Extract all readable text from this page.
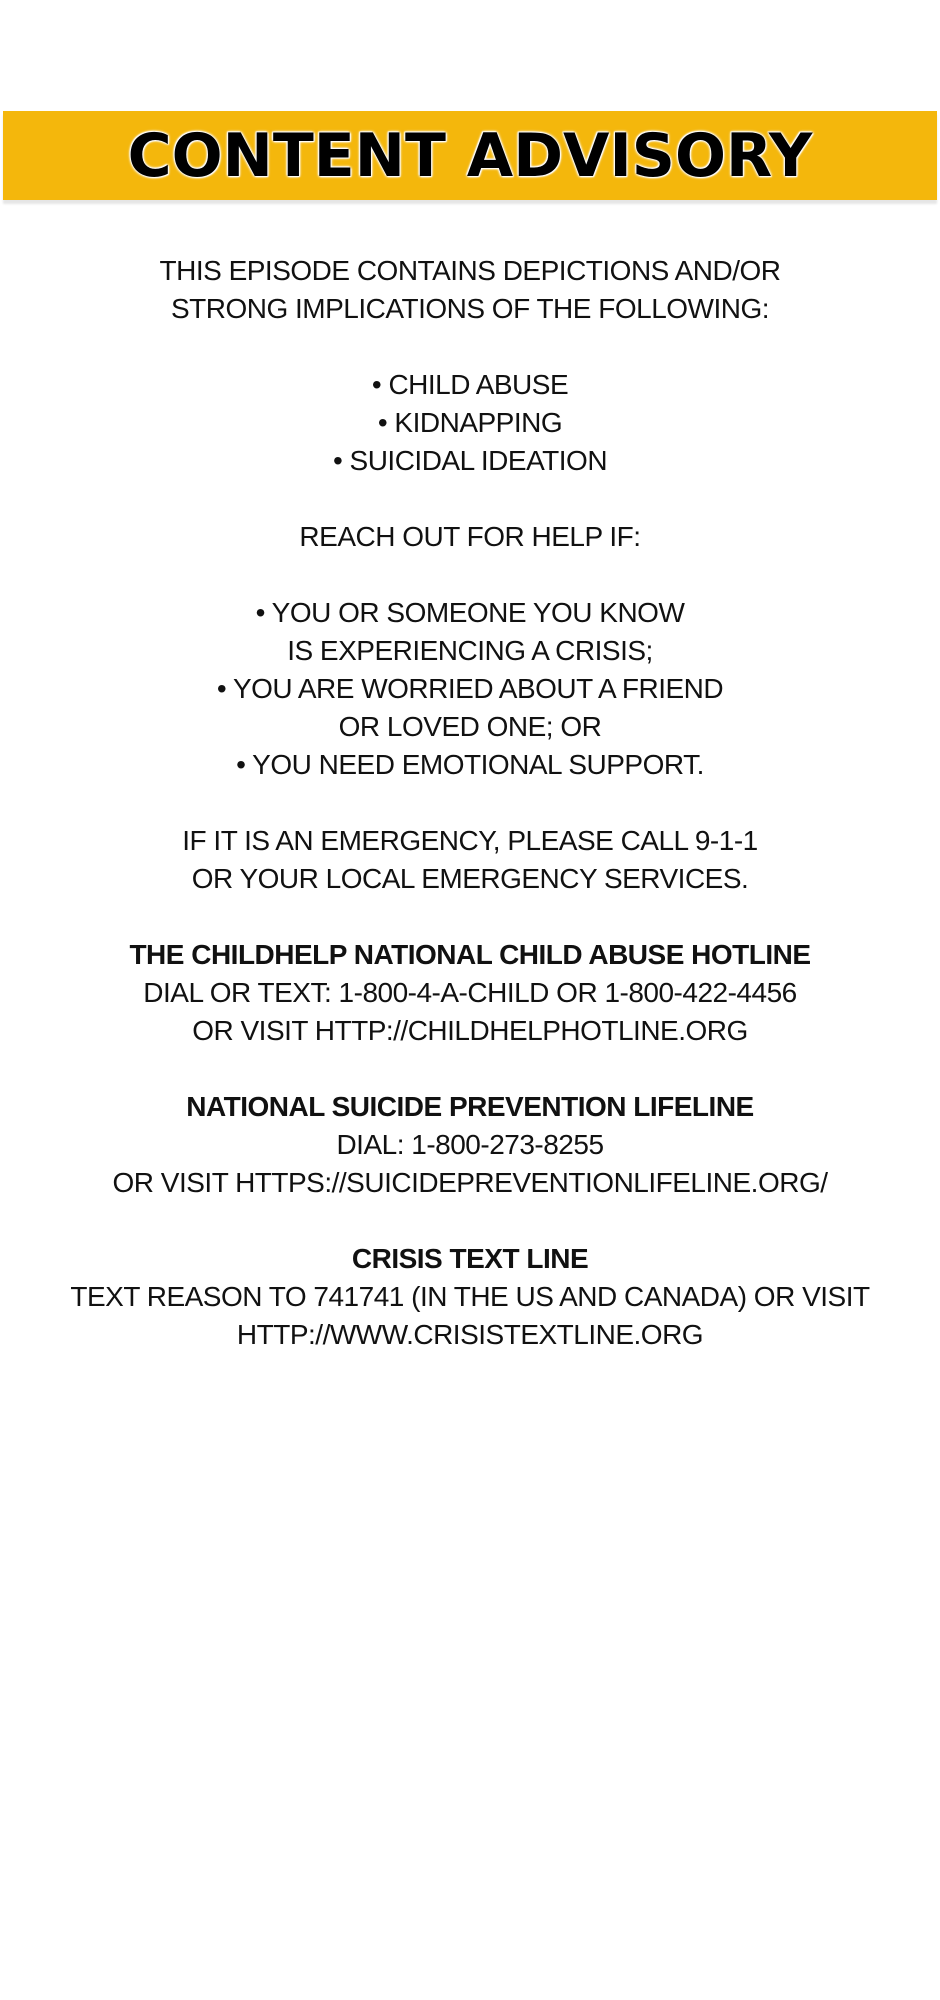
CONTENT ADVISORY
THIS EPISODE CONTAINS DEPICTIONS AND/OR
STRONG IMPLICATIONS OF THE FOLLOWING:
• CHILD ABUSE
• KIDNAPPING
• SUICIDAL IDEATION
REACH OUT FOR HELP IF:
• YOU OR SOMEONE YOU KNOW
IS EXPERIENCING A CRISIS;
• YOU ARE WORRIED ABOUT A FRIEND
OR LOVED ONE; OR
• YOU NEED EMOTIONAL SUPPORT.
IF IT IS AN EMERGENCY, PLEASE CALL 9-1-1
OR YOUR LOCAL EMERGENCY SERVICES.
THE CHILDHELP NATIONAL CHILD ABUSE HOTLINE
DIAL OR TEXT: 1-800-4-A-CHILD OR 1-800-422-4456
OR VISIT HTTP://CHILDHELPHOTLINE.ORG
NATIONAL SUICIDE PREVENTION LIFELINE
DIAL: 1-800-273-8255
OR VISIT HTTPS://SUICIDEPREVENTIONLIFELINE.ORG/
CRISIS TEXT LINE
TEXT REASON TO 741741 (IN THE US AND CANADA) OR VISIT
HTTP://WWW.CRISISTEXTLINE.ORG
